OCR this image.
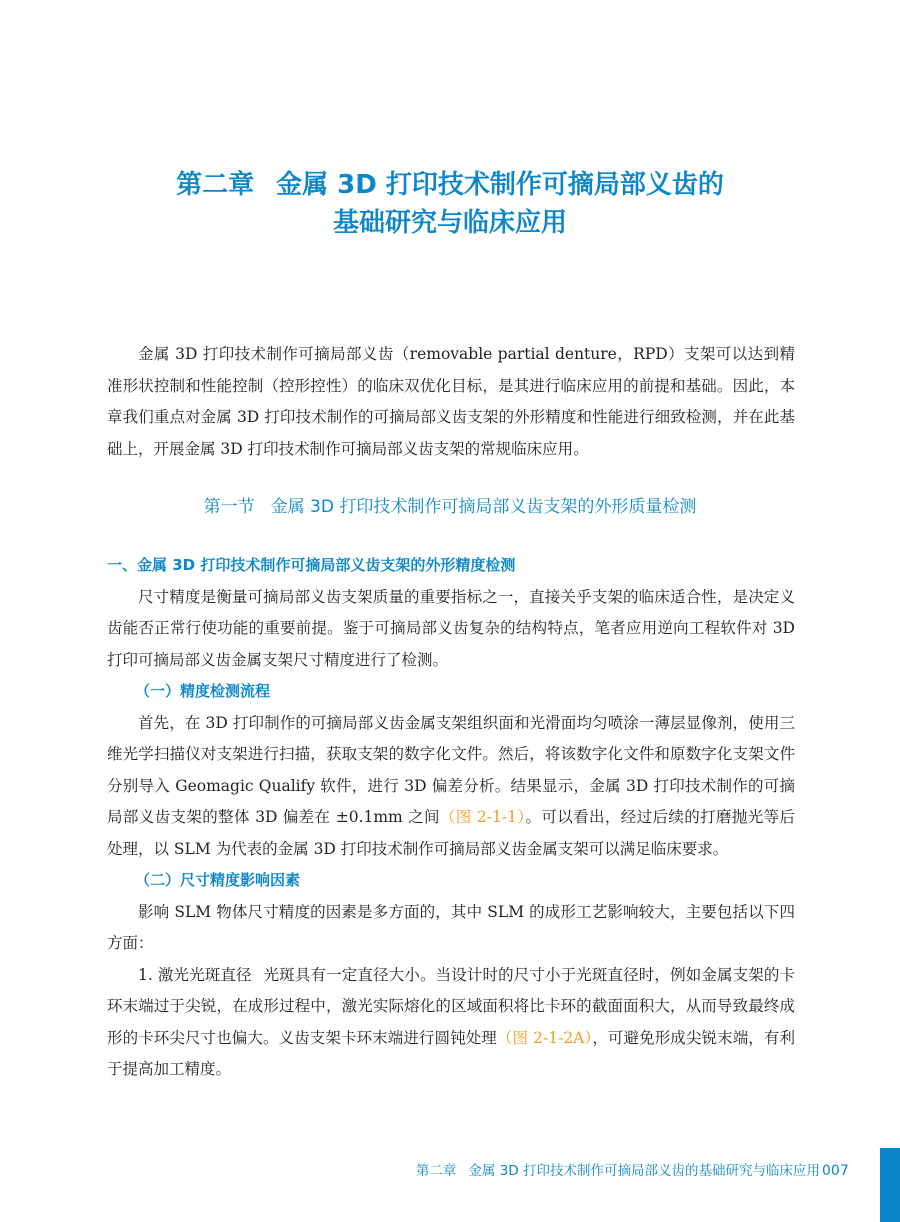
第二章 金属 3D 打印技术制作可摘局部义齿的
基础研究与临床应用

金属 3D 打印技术制作可摘局部义齿（removable partial denture，RPD）支架可以达到精准形状控制和性能控制（控形控性）的临床双优化目标，是其进行临床应用的前提和基础。因此，本章我们重点对金属 3D 打印技术制作的可摘局部义齿支架的外形精度和性能进行细致检测，并在此基础上，开展金属 3D 打印技术制作可摘局部义齿支架的常规临床应用。

第一节 金属 3D 打印技术制作可摘局部义齿支架的外形质量检测
一、金属 3D 打印技术制作可摘局部义齿支架的外形精度检测

尺寸精度是衡量可摘局部义齿支架质量的重要指标之一，直接关乎支架的临床适合性，是决定义齿能否正常行使功能的重要前提。鉴于可摘局部义齿复杂的结构特点，笔者应用逆向工程软件对 3D 打印可摘局部义齿金属支架尺寸精度进行了检测。

（一）精度检测流程

首先，在 3D 打印制作的可摘局部义齿金属支架组织面和光滑面均匀喷涂一薄层显像剂，使用三维光学扫描仪对支架进行扫描，获取支架的数字化文件。然后，将该数字化文件和原数字化支架文件分别导入 Geomagic Qualify 软件，进行 3D 偏差分析。结果显示，金属 3D 打印技术制作的可摘局部义齿支架的整体 3D 偏差在 ±0.1mm 之间（图 2-1-1）。可以看出，经过后续的打磨抛光等后处理，以 SLM 为代表的金属 3D 打印技术制作可摘局部义齿金属支架可以满足临床要求。

（二）尺寸精度影响因素

影响 SLM 物体尺寸精度的因素是多方面的，其中 SLM 的成形工艺影响较大，主要包括以下四方面：

1. 激光光斑直径 光斑具有一定直径大小。当设计时的尺寸小于光斑直径时，例如金属支架的卡环末端过于尖锐，在成形过程中，激光实际熔化的区域面积将比卡环的截面面积大，从而导致最终成形的卡环尖尺寸也偏大。义齿支架卡环末端进行圆钝处理（图 2-1-2A），可避免形成尖锐末端，有利于提高加工精度。

第二章 金属 3D 打印技术制作可摘局部义齿的基础研究与临床应用 007
